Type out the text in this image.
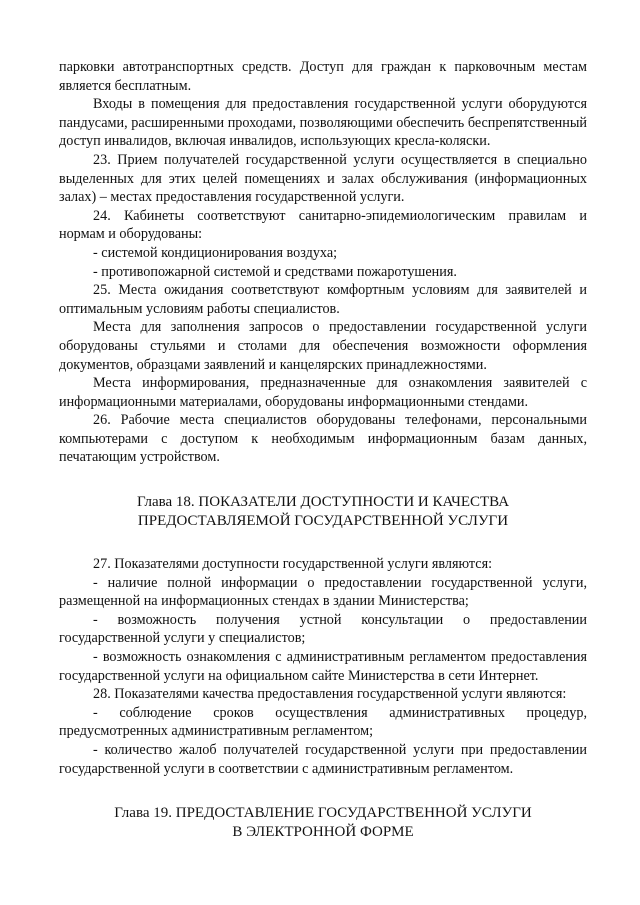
парковки автотранспортных средств. Доступ для граждан к парковочным местам является бесплатным.

Входы в помещения для предоставления государственной услуги оборудуются пандусами, расширенными проходами, позволяющими обеспечить беспрепятственный доступ инвалидов, включая инвалидов, использующих кресла-коляски.

23. Прием получателей государственной услуги осуществляется в специально выделенных для этих целей помещениях и залах обслуживания (информационных залах) – местах предоставления государственной услуги.

24. Кабинеты соответствуют санитарно-эпидемиологическим правилам и нормам и оборудованы:

- системой кондиционирования воздуха;

- противопожарной системой и средствами пожаротушения.

25. Места ожидания соответствуют комфортным условиям для заявителей и оптимальным условиям работы специалистов.

Места для заполнения запросов о предоставлении государственной услуги оборудованы стульями и столами для обеспечения возможности оформления документов, образцами заявлений и канцелярских принадлежностями.

Места информирования, предназначенные для ознакомления заявителей с информационными материалами, оборудованы информационными стендами.

26. Рабочие места специалистов оборудованы телефонами, персональными компьютерами с доступом к необходимым информационным базам данных, печатающим устройством.

Глава 18. ПОКАЗАТЕЛИ ДОСТУПНОСТИ И КАЧЕСТВА
ПРЕДОСТАВЛЯЕМОЙ ГОСУДАРСТВЕННОЙ УСЛУГИ

27. Показателями доступности государственной услуги являются:

- наличие полной информации о предоставлении государственной услуги, размещенной на информационных стендах в здании Министерства;

- возможность получения устной консультации о предоставлении государственной услуги у специалистов;

- возможность ознакомления с административным регламентом предоставления государственной услуги на официальном сайте Министерства в сети Интернет.

28. Показателями качества предоставления государственной услуги являются:

- соблюдение сроков осуществления административных процедур, предусмотренных административным регламентом;

- количество жалоб получателей государственной услуги при предоставлении государственной услуги в соответствии с административным регламентом.

Глава 19. ПРЕДОСТАВЛЕНИЕ ГОСУДАРСТВЕННОЙ УСЛУГИ
В ЭЛЕКТРОННОЙ ФОРМЕ
